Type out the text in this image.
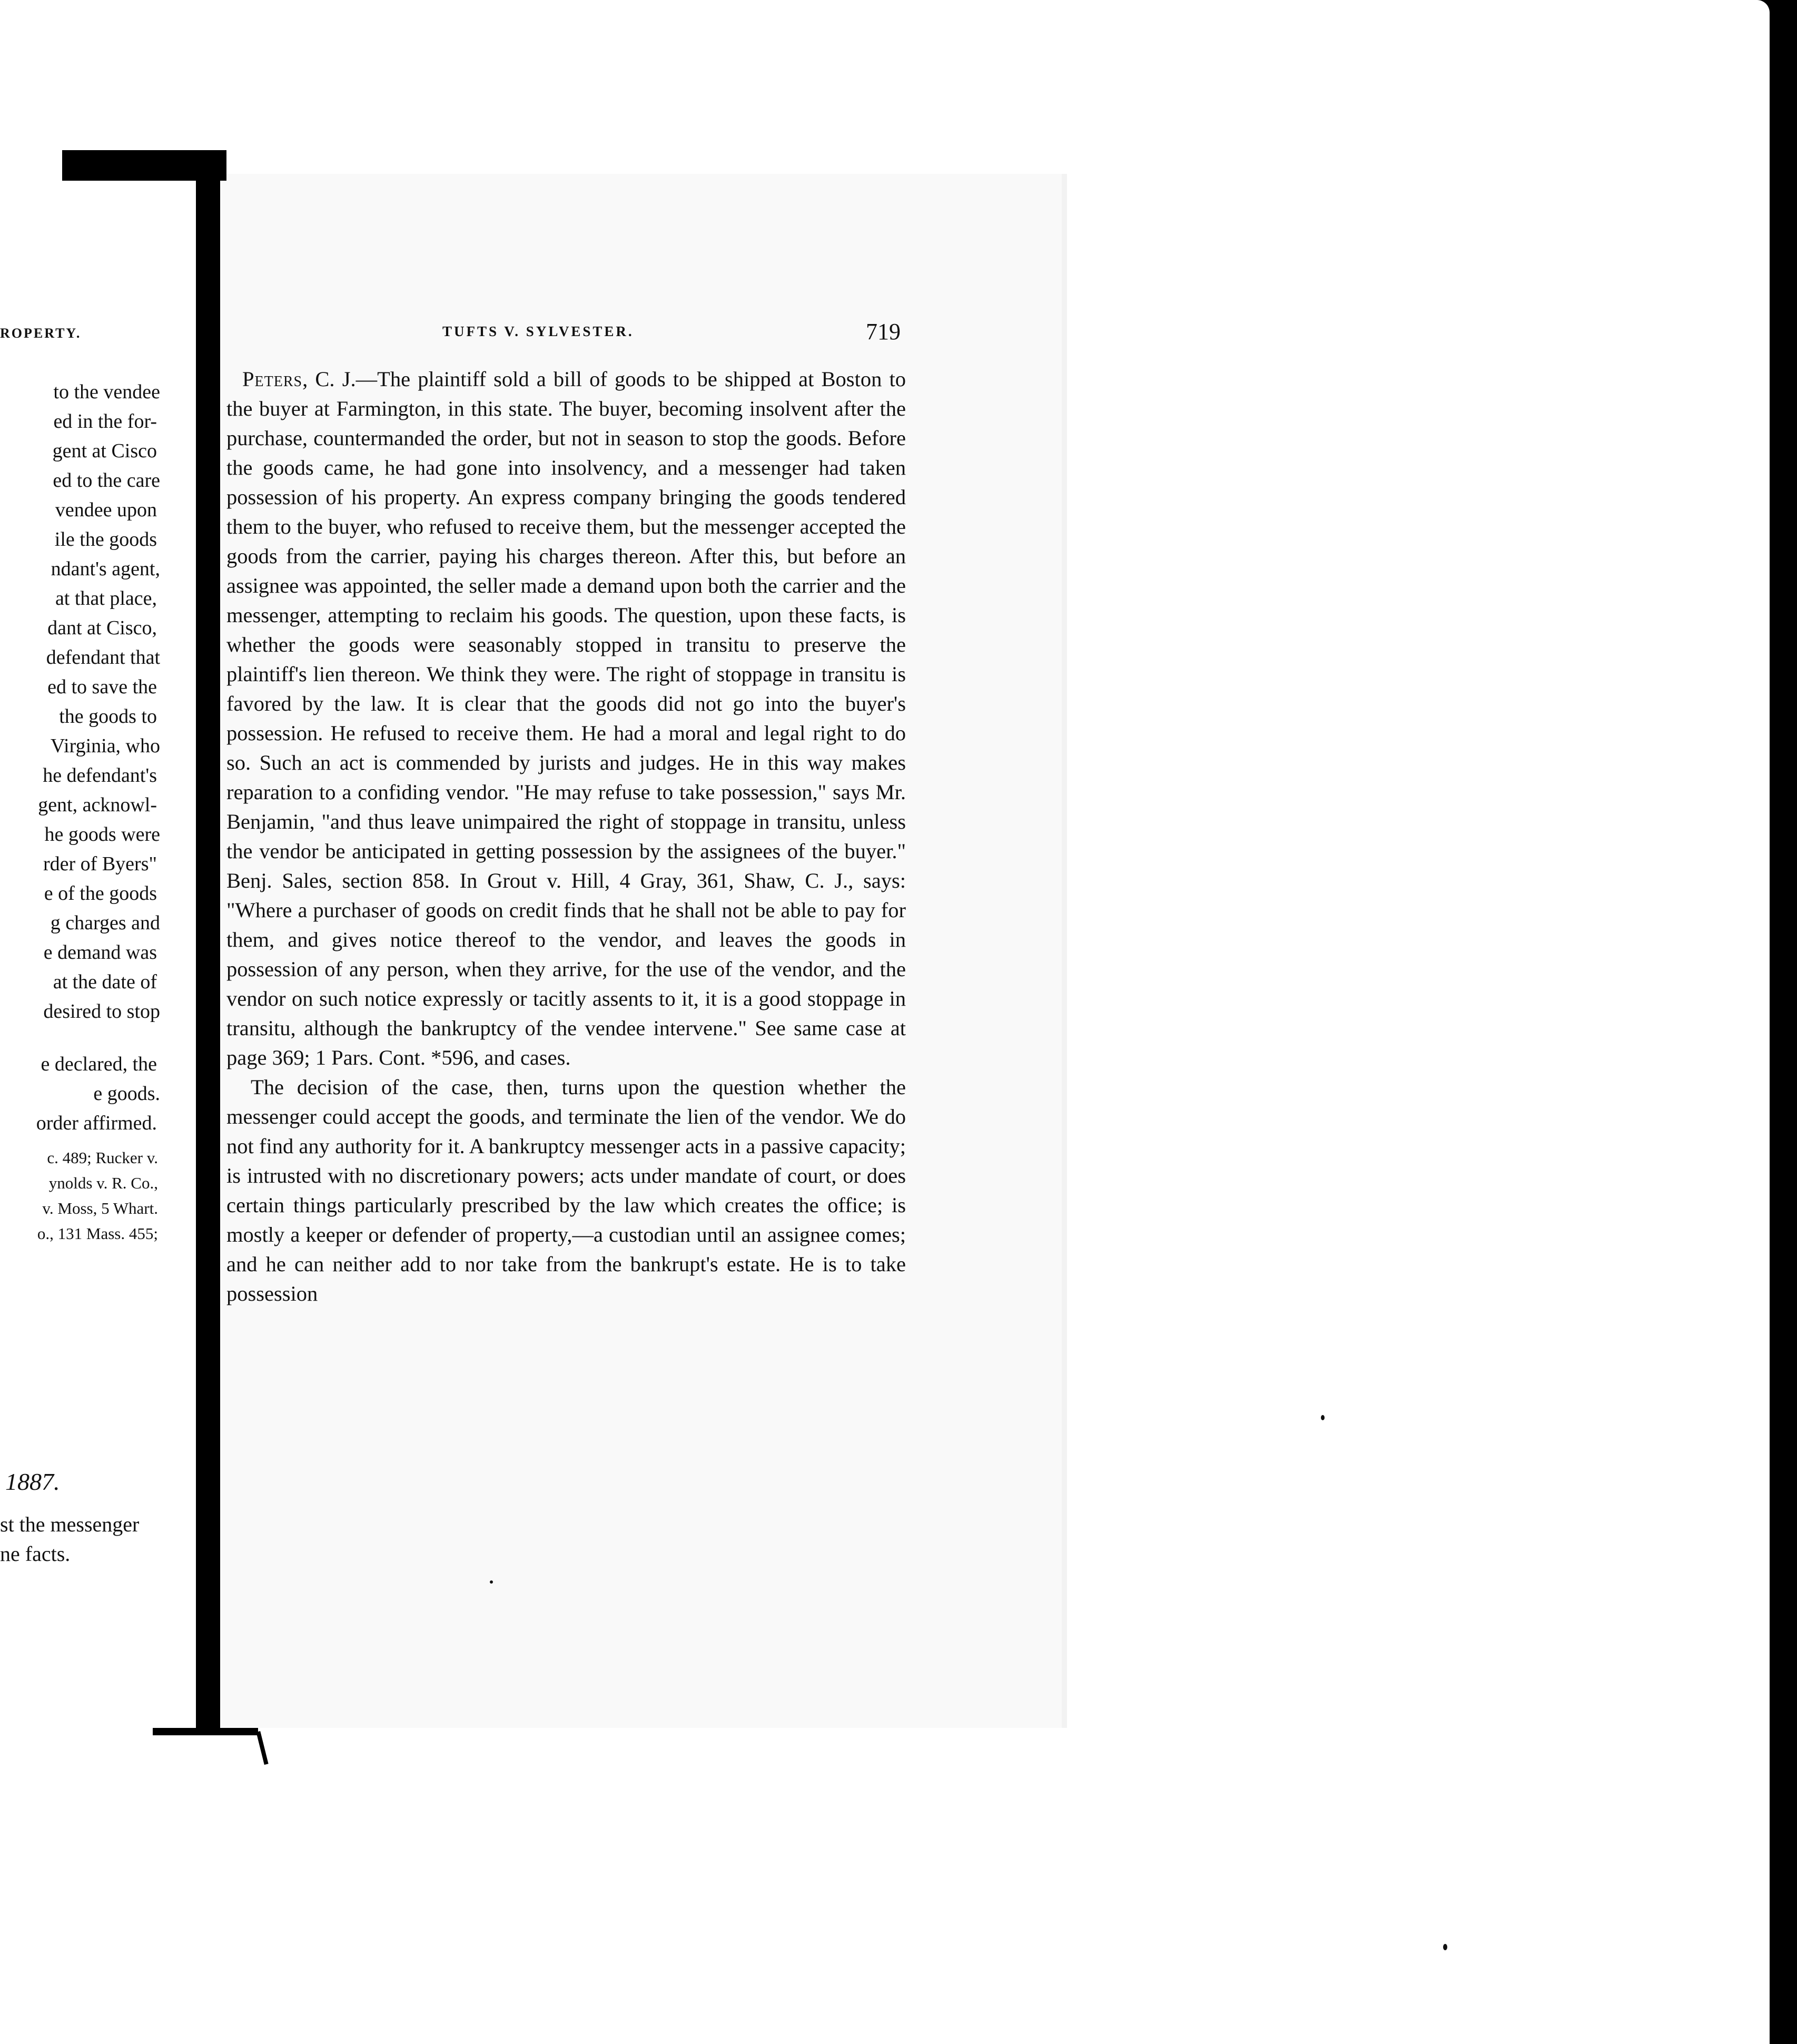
ROPERTY.
to the vendee
ed in the for-
gent at Cisco
ed to the care
vendee upon
ile the goods
ndant's agent,
at that place,
dant at Cisco,
defendant that
ed to save the
the goods to
Virginia, who
he defendant's
gent, acknowl-
he goods were
rder of Byers"
e of the goods
g charges and
e demand was
at the date of
desired to stop
e declared, the
e goods.
order affirmed.
c. 489; Rucker v.
ynolds v. R. Co.,
v. Moss, 5 Whart.
o., 131 Mass. 455;
1887.
st the messenger
ne facts.
TUFTS V. SYLVESTER.	719

Peters, C. J.—The plaintiff sold a bill of goods to be shipped at Boston to the buyer at Farmington, in this state. The buyer, becoming insolvent after the purchase, countermanded the order, but not in season to stop the goods. Before the goods came, he had gone into insolvency, and a messenger had taken possession of his property. An express company bringing the goods tendered them to the buyer, who refused to receive them, but the messenger accepted the goods from the carrier, paying his charges thereon. After this, but before an assignee was appointed, the seller made a demand upon both the carrier and the messenger, attempting to reclaim his goods. The question, upon these facts, is whether the goods were seasonably stopped in transitu to preserve the plaintiff's lien thereon. We think they were. The right of stoppage in transitu is favored by the law. It is clear that the goods did not go into the buyer's possession. He refused to receive them. He had a moral and legal right to do so. Such an act is commended by jurists and judges. He in this way makes reparation to a confiding vendor. "He may refuse to take possession," says Mr. Benjamin, "and thus leave unimpaired the right of stoppage in transitu, unless the vendor be anticipated in getting possession by the assignees of the buyer." Benj. Sales, section 858. In Grout v. Hill, 4 Gray, 361, Shaw, C. J., says: "Where a purchaser of goods on credit finds that he shall not be able to pay for them, and gives notice thereof to the vendor, and leaves the goods in possession of any person, when they arrive, for the use of the vendor, and the vendor on such notice expressly or tacitly assents to it, it is a good stoppage in transitu, although the bankruptcy of the vendee intervene." See same case at page 369; 1 Pars. Cont. *596, and cases.

The decision of the case, then, turns upon the question whether the messenger could accept the goods, and terminate the lien of the vendor. We do not find any authority for it. A bankruptcy messenger acts in a passive capacity; is intrusted with no discretionary powers; acts under mandate of court, or does certain things particularly prescribed by the law which creates the office; is mostly a keeper or defender of property,—a custodian until an assignee comes; and he can neither add to nor take from the bankrupt's estate. He is to take possession
